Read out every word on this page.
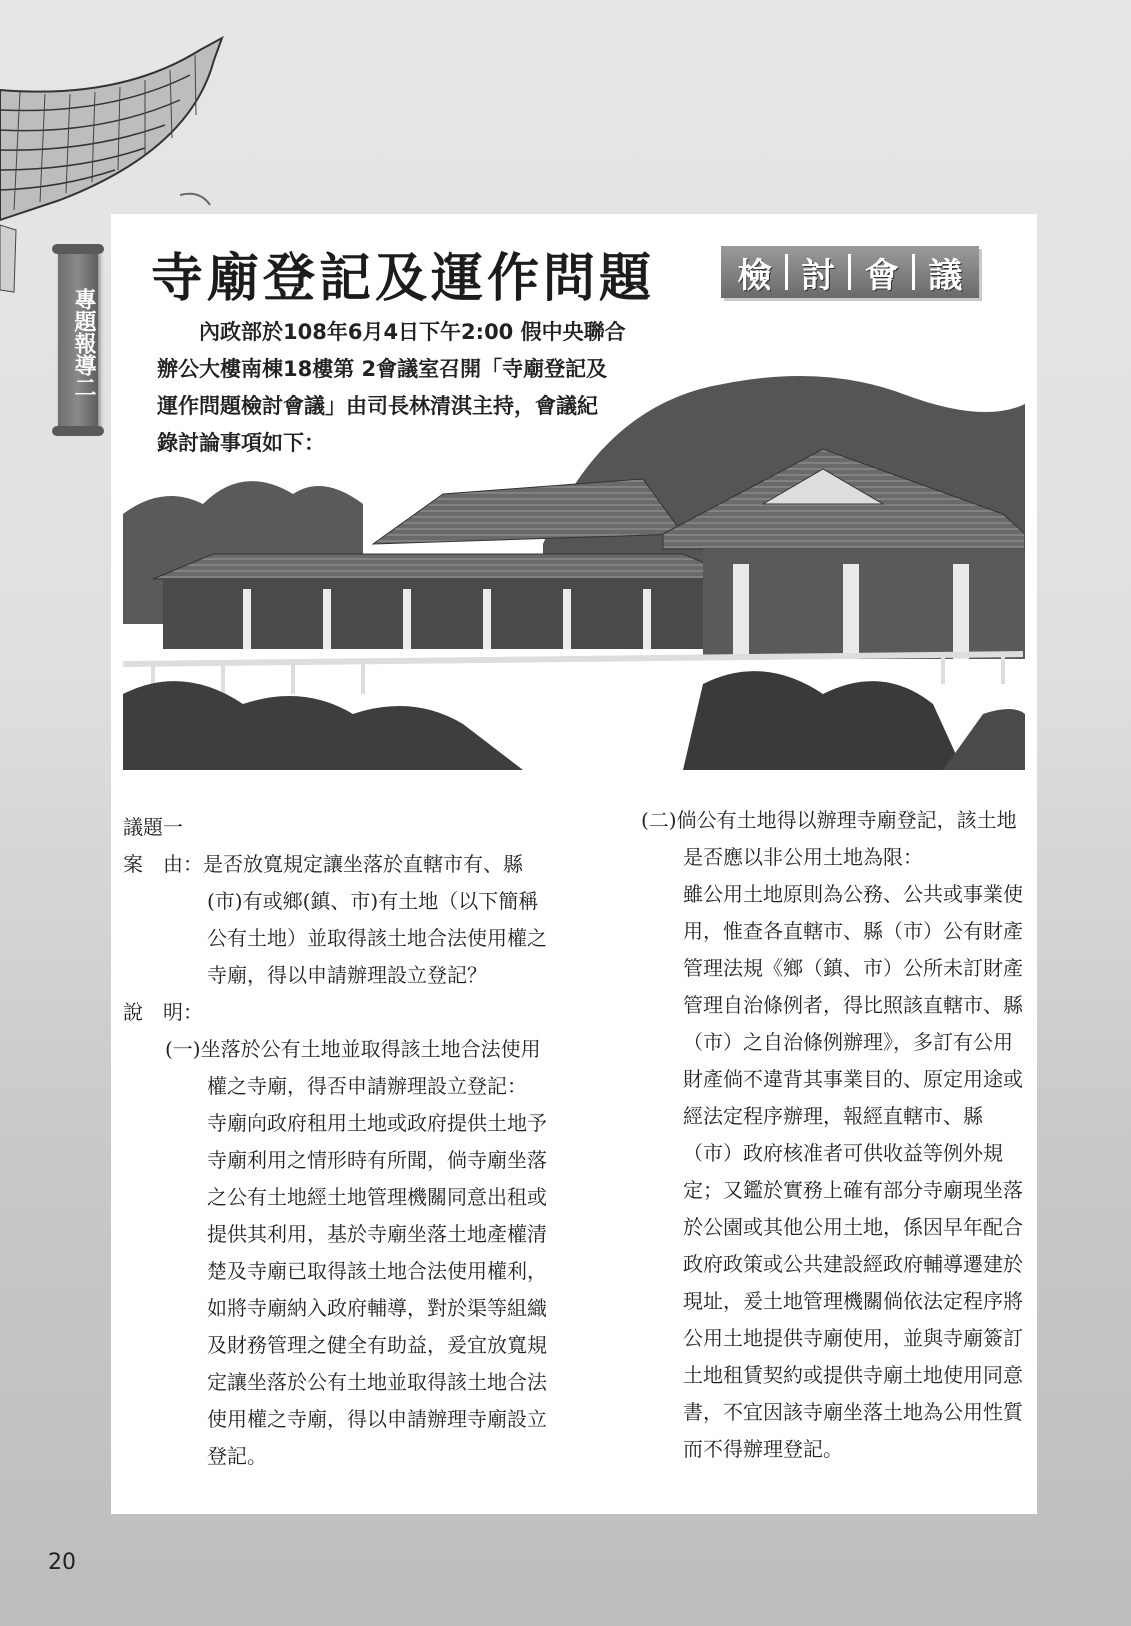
專題報導二
寺廟登記及運作問題 檢 討 會 議

內政部於108年6月4日下午2:00 假中央聯合

辦公大樓南棟18樓第 2會議室召開「寺廟登記及

運作問題檢討會議」由司長林清淇主持，會議紀

錄討論事項如下：

議題一

案　由：是否放寬規定讓坐落於直轄市有、縣(市)有或鄉(鎮、市)有土地（以下簡稱公有土地）並取得該土地合法使用權之寺廟，得以申請辦理設立登記？

說　明：

(一)坐落於公有土地並取得該土地合法使用權之寺廟，得否申請辦理設立登記：

寺廟向政府租用土地或政府提供土地予寺廟利用之情形時有所聞，倘寺廟坐落之公有土地經土地管理機關同意出租或提供其利用，基於寺廟坐落土地產權清楚及寺廟已取得該土地合法使用權利，如將寺廟納入政府輔導，對於渠等組織及財務管理之健全有助益，爰宜放寬規定讓坐落於公有土地並取得該土地合法使用權之寺廟，得以申請辦理寺廟設立登記。

(二)倘公有土地得以辦理寺廟登記，該土地是否應以非公用土地為限：

雖公用土地原則為公務、公共或事業使用，惟查各直轄市、縣（市）公有財產管理法規《鄉（鎮、市）公所未訂財產管理自治條例者，得比照該直轄市、縣（市）之自治條例辦理》，多訂有公用財產倘不違背其事業目的、原定用途或經法定程序辦理，報經直轄市、縣（市）政府核准者可供收益等例外規定；又鑑於實務上確有部分寺廟現坐落於公園或其他公用土地，係因早年配合政府政策或公共建設經政府輔導遷建於現址，爰土地管理機關倘依法定程序將公用土地提供寺廟使用，並與寺廟簽訂土地租賃契約或提供寺廟土地使用同意書，不宜因該寺廟坐落土地為公用性質而不得辦理登記。

20
